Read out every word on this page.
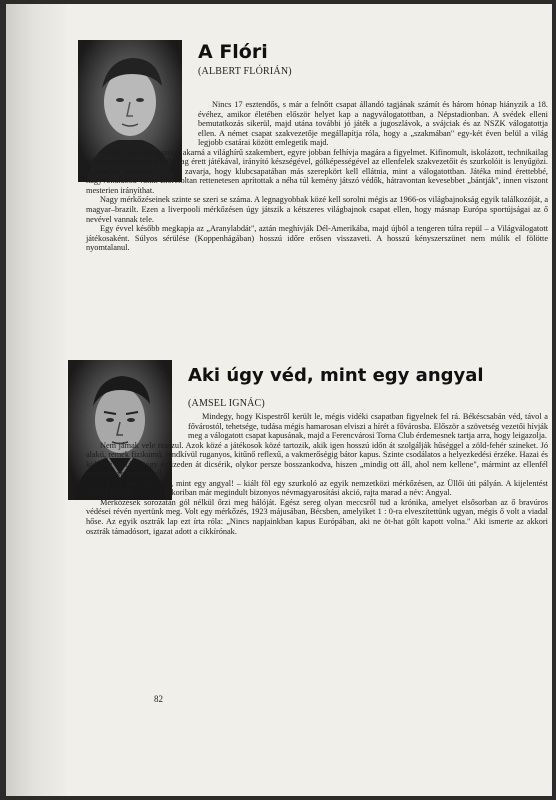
A Flóri
(ALBERT FLÓRIÁN)

Nincs 17 esztendős, s már a felnőtt csapat állandó tagjának számít és három hónap hiányzik a 18. évéhez, amikor életében először helyet kap a nagyválogatottban, a Népstadionban. A svédek elleni bemutatkozás sikerül, majd utána további jó játék a jugoszlávok, a svájciak és az NSZK válogatottja ellen. A német csapat szakvezetője megállapítja róla, hogy a „szakmában" egy-két éven belül a világ legjobb csatárai között emlegetik majd.

A Flóri, mintha igazolni akarná a világhírű szakembert, egyre jobban felhívja magára a figyelmet. Kifinomult, iskolázott, technikailag tökéletesre csiszolt, taktikailag érett játékával, irányító készségével, gólképességével az ellenfelek szakvezetőit és szurkolóit is lenyűgözi. A későbbi években az sem zavarja, hogy klubcsapatában más szerepkört kell ellátnia, mint a válogatottban. Játéka mind érettebbé, nagyvonalúbbá válik. Előretoltan rettenetesen aprítottak a néha túl kemény játszó védők, hátravontan kevesebbet „bántják", innen viszont mesterien irányíthat.

Nagy mérkőzéseinek szinte se szeri se száma. A legnagyobbak közé kell sorolni mégis az 1966-os világbajnokság egyik találkozóját, a magyar–brazilt. Ezen a liverpooli mérkőzésen úgy játszik a kétszeres világbajnok csapat ellen, hogy másnap Európa sportújságai az ő nevével vannak tele.

Egy évvel később megkapja az „Aranylabdát", aztán meghívják Dél-Amerikába, majd újból a tengeren túlra repül – a Világválogatott játékosaként. Súlyos sérülése (Koppenhágában) hosszú időre erősen visszaveti. A hosszú kényszerszünet nem múlik el fölötte nyomtalanul.

Aki úgy véd, mint egy angyal
(AMSEL IGNÁC)

Mindegy, hogy Kispestről került le, mégis vidéki csapatban figyelnek fel rá. Békéscsabán véd, távol a fővárostól, tehetsége, tudása mégis hamarosan elviszi a hírét a fővárosba. Először a szövetség vezetői hívják meg a válogatott csapat kapusának, majd a Ferencvárosi Torna Club érdemesnek tartja arra, hogy leigazolja.

Nem jámak vele rosszul. Azok közé a játékosok közé tartozik, akik igen hosszú időn át szolgálják hűséggel a zöld-fehér szineket. Jó alakú, remek fizikumú, rendkívül ruganyos, kitűnő reflexű, a vakmerőségig bátor kapus. Szinte csodálatos a helyezkedési érzéke. Hazai és külföldi csatárok egy évtizeden át dicsérik, olykor persze bosszankodva, hiszen „mindig ott áll, ahol nem kellene", mármint az ellenfél csatárai szempontjából.

– Ez a Náci úgy véd, mint egy angyal! – kiált föl egy szurkoló az egyik nemzetközi mérkőzésen, az Üllői úti pályán. A kijelentést többen hallják, s mivel akkoriban már megindult bizonyos névmagyarosítási akció, rajta marad a név: Angyal.

Mérkőzések sorozatán gól nélkül őrzi meg hálóját. Egész sereg olyan meccsről tud a krónika, amelyet elsősorban az ő bravúros védései révén nyertünk meg. Volt egy mérkőzés, 1923 májusában, Bécsben, amelyiket 1 : 0-ra elveszítettünk ugyan, mégis ő volt a viadal hőse. Az egyik osztrák lap ezt írta róla: „Nincs napjainkban kapus Európában, aki ne öt-hat gólt kapott volna." Aki ismerte az akkori osztrák támadósort, igazat adott a cikkírónak.

82
